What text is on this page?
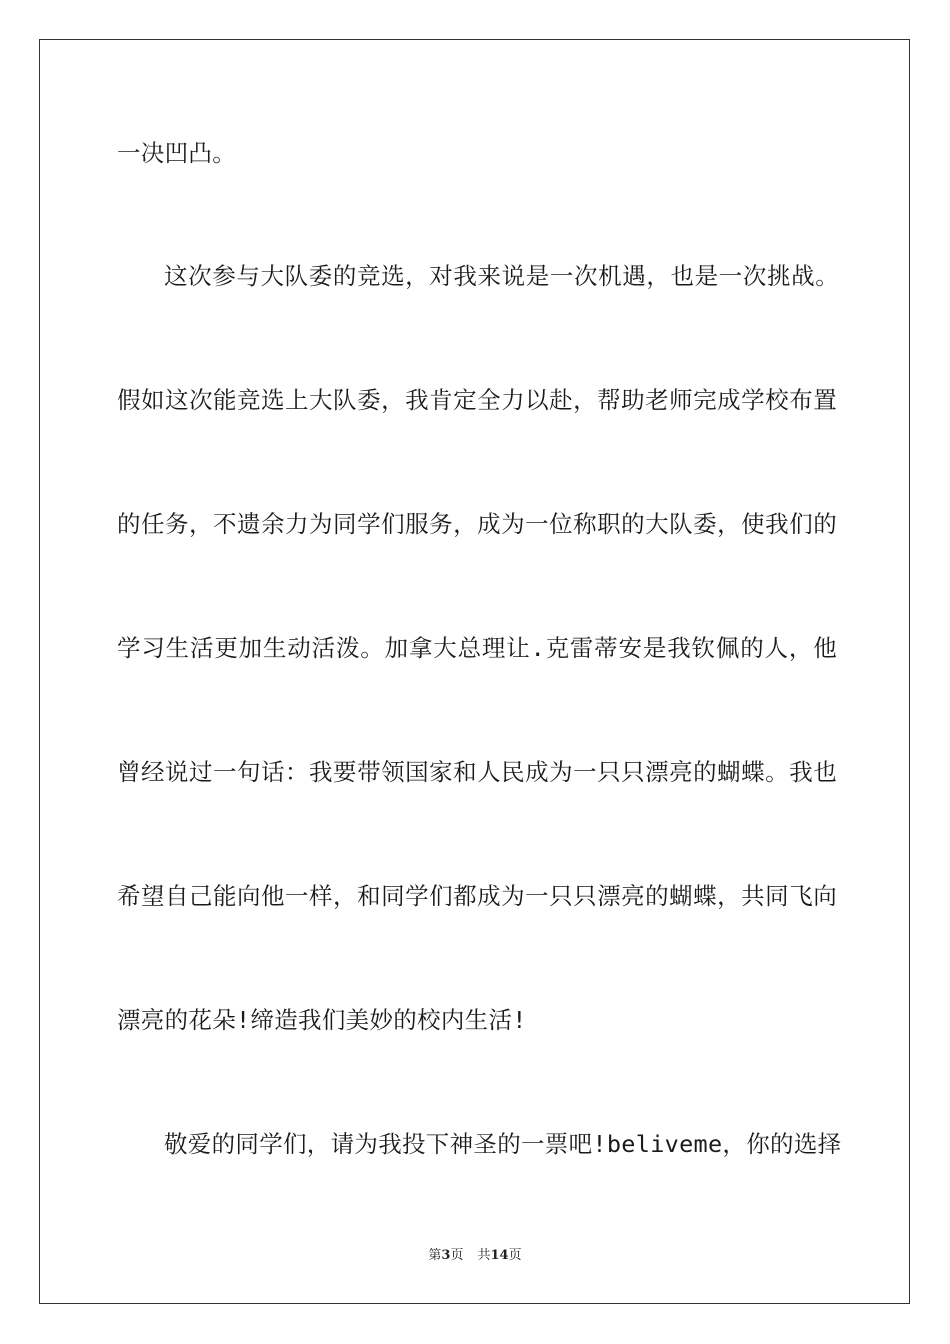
一决凹凸。
这次参与大队委的竞选，对我来说是一次机遇，也是一次挑战。
假如这次能竞选上大队委，我肯定全力以赴，帮助老师完成学校布置
的任务，不遗余力为同学们服务，成为一位称职的大队委，使我们的
学习生活更加生动活泼。加拿大总理让.克雷蒂安是我钦佩的人，他
曾经说过一句话：我要带领国家和人民成为一只只漂亮的蝴蝶。我也
希望自己能向他一样，和同学们都成为一只只漂亮的蝴蝶，共同飞向
漂亮的花朵!缔造我们美妙的校内生活!
敬爱的同学们，请为我投下神圣的一票吧!beliveme，你的选择
第3页 共14页
